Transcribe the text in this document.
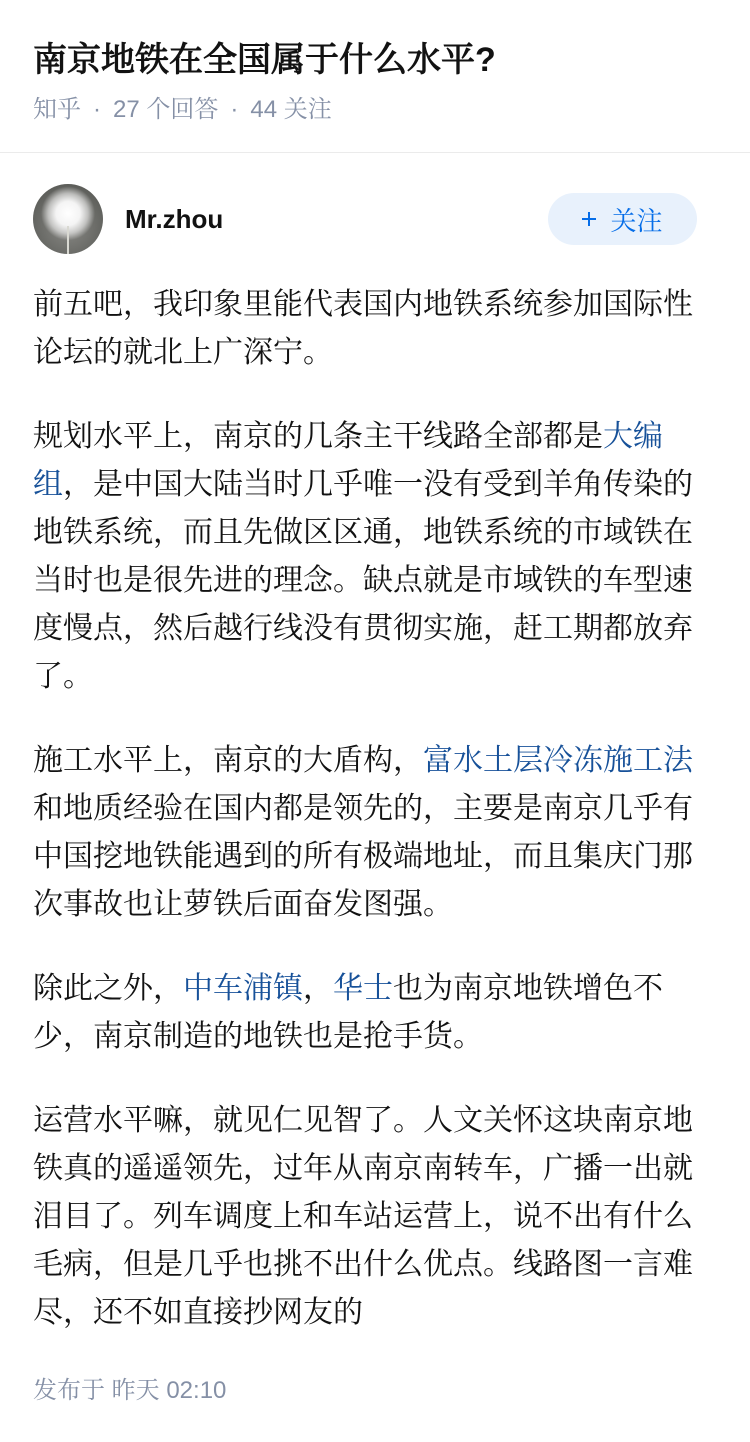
南京地铁在全国属于什么水平?
知乎 · 27 个回答 · 44 关注
Mr.zhou	关注

前五吧，我印象里能代表国内地铁系统参加国际性论坛的就北上广深宁。

规划水平上，南京的几条主干线路全部都是大编组，是中国大陆当时几乎唯一没有受到羊角传染的地铁系统，而且先做区区通，地铁系统的市域铁在当时也是很先进的理念。缺点就是市域铁的车型速度慢点，然后越行线没有贯彻实施，赶工期都放弃了。

施工水平上，南京的大盾构，富水土层冷冻施工法和地质经验在国内都是领先的，主要是南京几乎有中国挖地铁能遇到的所有极端地址，而且集庆门那次事故也让萝铁后面奋发图强。

除此之外，中车浦镇，华士也为南京地铁增色不少，南京制造的地铁也是抢手货。

运营水平嘛，就见仁见智了。人文关怀这块南京地铁真的遥遥领先，过年从南京南转车，广播一出就泪目了。列车调度上和车站运营上，说不出有什么毛病，但是几乎也挑不出什么优点。线路图一言难尽，还不如直接抄网友的

发布于 昨天 02:10
